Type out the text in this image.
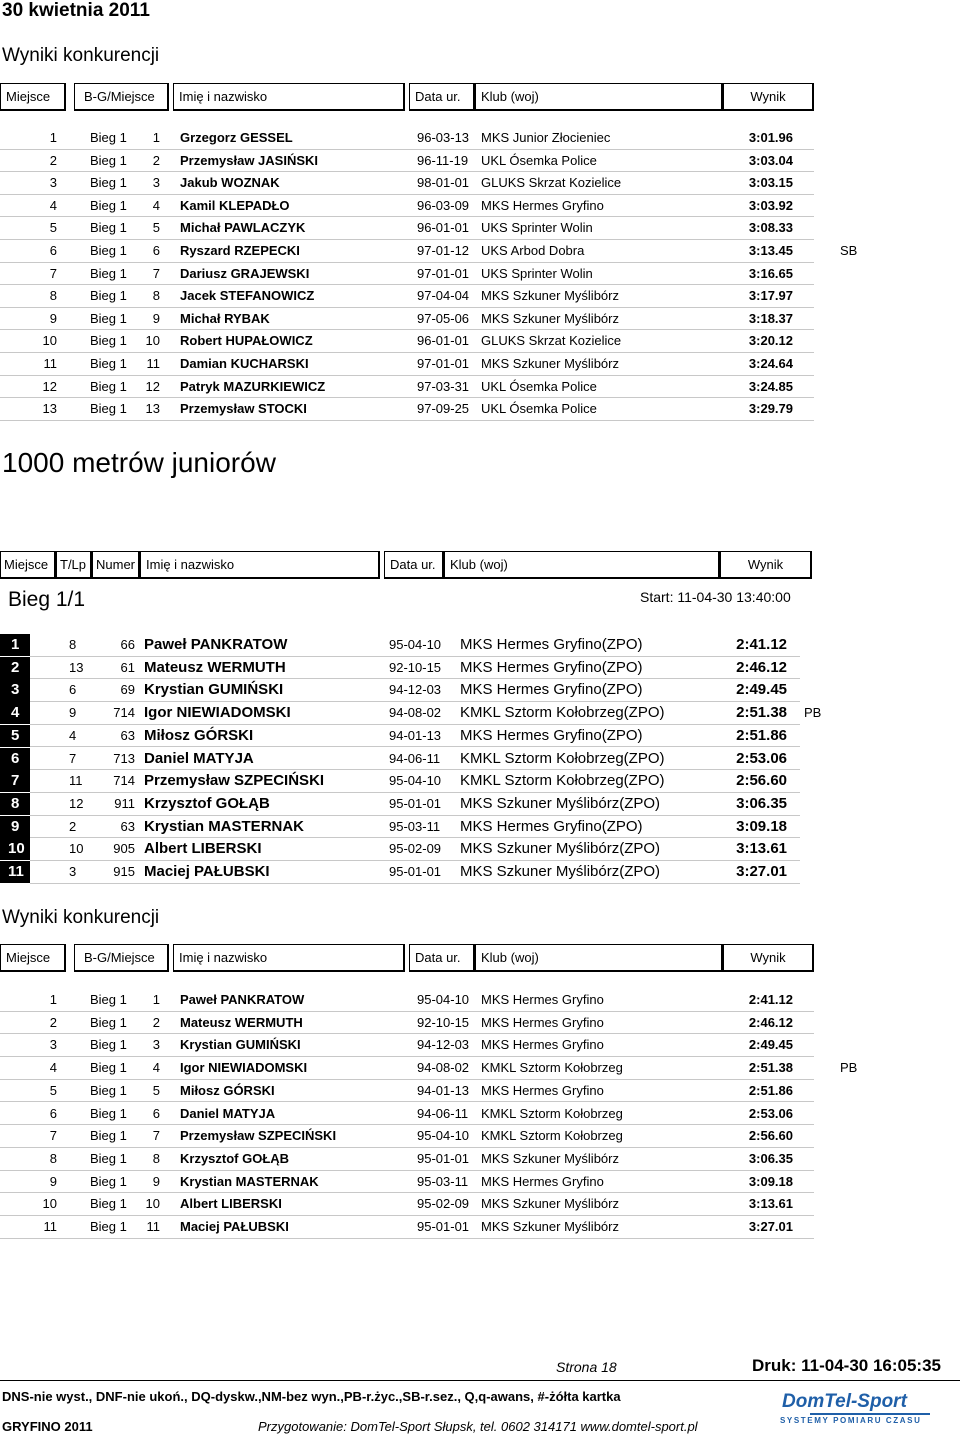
30 kwietnia 2011
Wyniki konkurencji
Miejsce	B-G/Miejsce	Imię i nazwisko	Data ur.	Klub (woj)	Wynik
1	Bieg 1	1 Grzegorz GESSEL	96-03-13 MKS Junior Złocieniec	3:01.96
2	Bieg 1	2 Przemysław JASIŃSKI	96-11-19 UKL Ósemka Police	3:03.04
3	Bieg 1	3 Jakub WOZNAK	98-01-01 GLUKS Skrzat Kozielice	3:03.15
4	Bieg 1	4 Kamil KLEPADŁO	96-03-09 MKS Hermes Gryfino	3:03.92
5	Bieg 1	5 Michał PAWLACZYK	96-01-01 UKS Sprinter Wolin	3:08.33
6	Bieg 1	6 Ryszard RZEPECKI	97-01-12 UKS Arbod Dobra	3:13.45	SB
7	Bieg 1	7 Dariusz GRAJEWSKI	97-01-01 UKS Sprinter Wolin	3:16.65
8	Bieg 1	8 Jacek STEFANOWICZ	97-04-04 MKS Szkuner Myślibórz	3:17.97
9	Bieg 1	9 Michał RYBAK	97-05-06 MKS Szkuner Myślibórz	3:18.37
10	Bieg 1	10 Robert HUPAŁOWICZ	96-01-01 GLUKS Skrzat Kozielice	3:20.12
11	Bieg 1	11 Damian KUCHARSKI	97-01-01 MKS Szkuner Myślibórz	3:24.64
12	Bieg 1	12 Patryk MAZURKIEWICZ	97-03-31 UKL Ósemka Police	3:24.85
13	Bieg 1	13 Przemysław STOCKI	97-09-25 UKL Ósemka Police	3:29.79
1000 metrów juniorów
Miejsce T/Lp Numer Imię i nazwisko	Data ur.	Klub (woj)	Wynik
Bieg 1/1	Start: 11-04-30 13:40:00
1	8	66 Paweł PANKRATOW	95-04-10	MKS Hermes Gryfino(ZPO)	2:41.12
2	13	61 Mateusz WERMUTH	92-10-15	MKS Hermes Gryfino(ZPO)	2:46.12
3	6	69 Krystian GUMIŃSKI	94-12-03	MKS Hermes Gryfino(ZPO)	2:49.45
4	9	714 Igor NIEWIADOMSKI	94-08-02	KMKL Sztorm Kołobrzeg(ZPO)	2:51.38 PB
5	4	63 Miłosz GÓRSKI	94-01-13	MKS Hermes Gryfino(ZPO)	2:51.86
6	7	713 Daniel MATYJA	94-06-11	KMKL Sztorm Kołobrzeg(ZPO)	2:53.06
7	11	714 Przemysław SZPECIŃSKI	95-04-10	KMKL Sztorm Kołobrzeg(ZPO)	2:56.60
8	12	911 Krzysztof GOŁĄB	95-01-01	MKS Szkuner Myślibórz(ZPO)	3:06.35
9	2	63 Krystian MASTERNAK	95-03-11	MKS Hermes Gryfino(ZPO)	3:09.18
10	10	905 Albert LIBERSKI	95-02-09	MKS Szkuner Myślibórz(ZPO)	3:13.61
11	3	915 Maciej PAŁUBSKI	95-01-01	MKS Szkuner Myślibórz(ZPO)	3:27.01
Wyniki konkurencji
Miejsce	B-G/Miejsce	Imię i nazwisko	Data ur.	Klub (woj)	Wynik
1	Bieg 1	1 Paweł PANKRATOW	95-04-10 MKS Hermes Gryfino	2:41.12
2	Bieg 1	2 Mateusz WERMUTH	92-10-15 MKS Hermes Gryfino	2:46.12
3	Bieg 1	3 Krystian GUMIŃSKI	94-12-03 MKS Hermes Gryfino	2:49.45
4	Bieg 1	4 Igor NIEWIADOMSKI	94-08-02 KMKL Sztorm Kołobrzeg	2:51.38	PB
5	Bieg 1	5 Miłosz GÓRSKI	94-01-13 MKS Hermes Gryfino	2:51.86
6	Bieg 1	6 Daniel MATYJA	94-06-11 KMKL Sztorm Kołobrzeg	2:53.06
7	Bieg 1	7 Przemysław SZPECIŃSKI	95-04-10 KMKL Sztorm Kołobrzeg	2:56.60
8	Bieg 1	8 Krzysztof GOŁĄB	95-01-01 MKS Szkuner Myślibórz	3:06.35
9	Bieg 1	9 Krystian MASTERNAK	95-03-11 MKS Hermes Gryfino	3:09.18
10	Bieg 1	10 Albert LIBERSKI	95-02-09 MKS Szkuner Myślibórz	3:13.61
11	Bieg 1	11 Maciej PAŁUBSKI	95-01-01 MKS Szkuner Myślibórz	3:27.01
Strona 18	Druk: 11-04-30 16:05:35
DNS-nie wyst., DNF-nie ukoń., DQ-dyskw.,NM-bez wyn.,PB-r.życ.,SB-r.sez., Q,q-awans, #-żółta kartka
GRYFINO 2011	Przygotowanie: DomTel-Sport Słupsk, tel. 0602 314171 www.domtel-sport.pl
DomTel-Sport
SYSTEMY POMIARU CZASU
